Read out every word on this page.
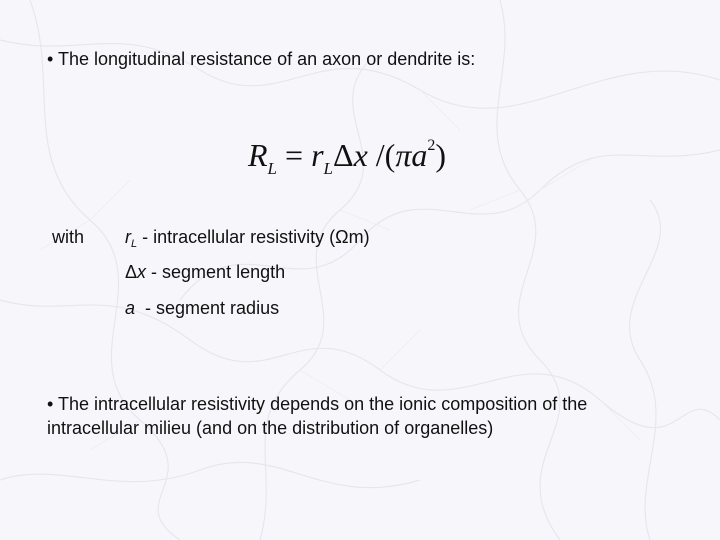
• The longitudinal resistance of an axon or dendrite is:
$R_L = r_L\Delta x$ $/(\pi a^2)$
with $r_L$ - intracellular resistivity (Ωm)
Δx - segment length
a  - segment radius
• The intracellular resistivity depends on the ionic composition of the intracellular milieu (and on the distribution of organelles)
